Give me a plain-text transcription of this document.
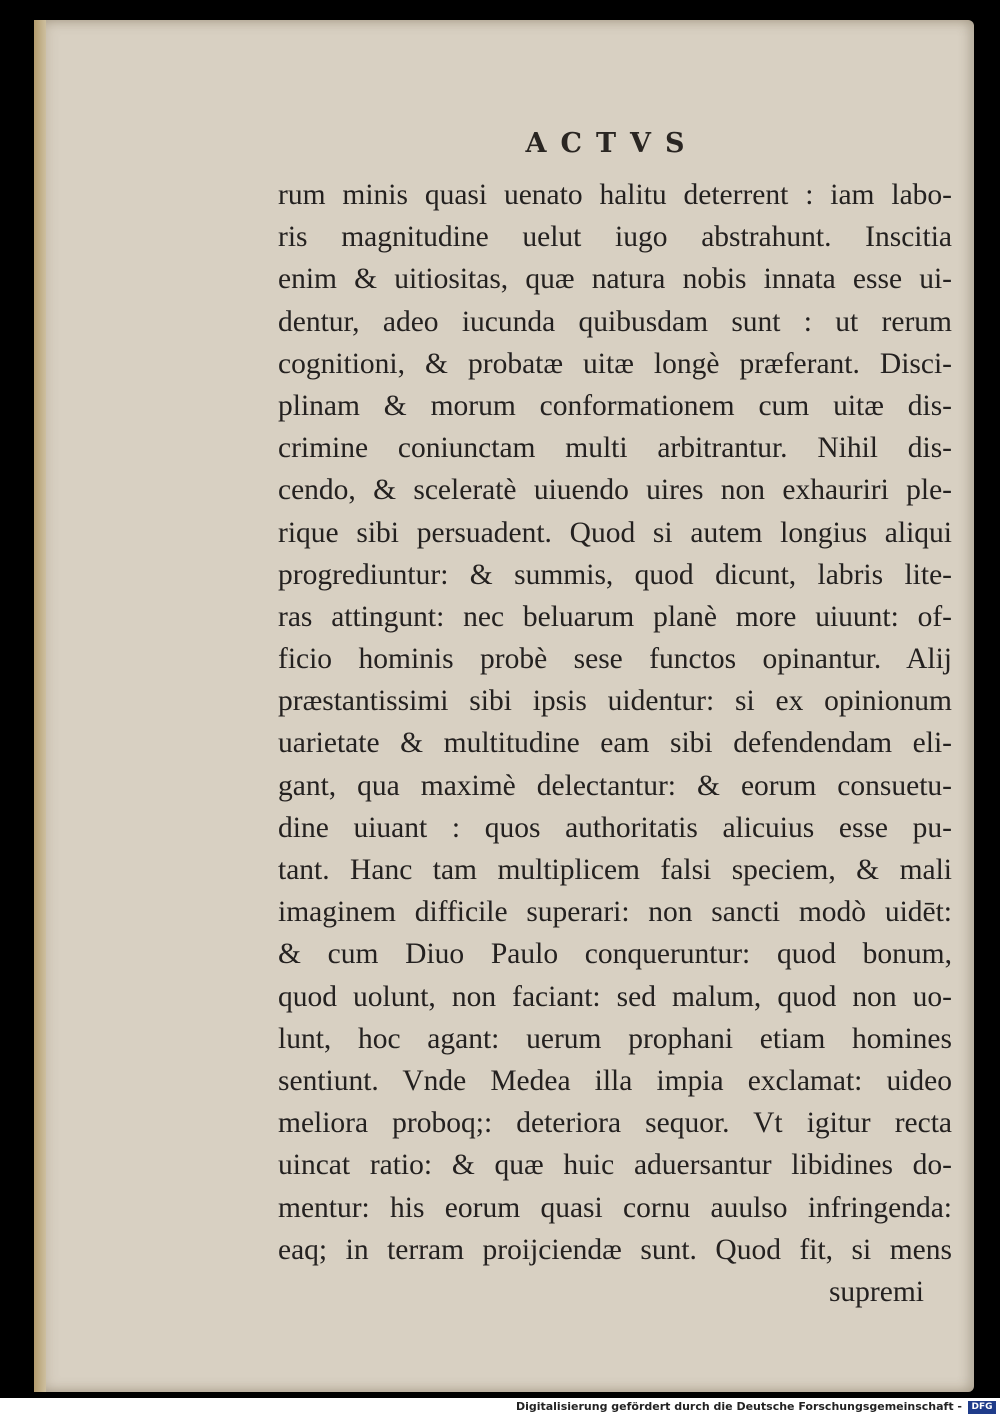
ACTVS
rum minis quasi uenato halitu deterrent : iam labo-
ris magnitudine uelut iugo abstrahunt. Inscitia
enim & uitiositas, quæ natura nobis innata esse ui-
dentur, adeo iucunda quibusdam sunt : ut rerum
cognitioni, & probatæ uitæ longè præferant. Disci-
plinam & morum conformationem cum uitæ dis-
crimine coniunctam multi arbitrantur. Nihil dis-
cendo, & sceleratè uiuendo uires non exhauriri ple-
rique sibi persuadent. Quod si autem longius aliqui
progrediuntur: & summis, quod dicunt, labris lite-
ras attingunt: nec beluarum planè more uiuunt: of-
ficio hominis probè sese functos opinantur. Alij
præstantissimi sibi ipsis uidentur: si ex opinionum
uarietate & multitudine eam sibi defendendam eli-
gant, qua maximè delectantur: & eorum consuetu-
dine uiuant : quos authoritatis alicuius esse pu-
tant. Hanc tam multiplicem falsi speciem, & mali
imaginem difficile superari: non sancti modò uidēt:
& cum Diuo Paulo conqueruntur: quod bonum,
quod uolunt, non faciant: sed malum, quod non uo-
lunt, hoc agant: uerum prophani etiam homines
sentiunt. Vnde Medea illa impia exclamat: uideo
meliora proboq;: deteriora sequor. Vt igitur recta
uincat ratio: & quæ huic aduersantur libidines do-
mentur: his eorum quasi cornu auulso infringenda:
eaq; in terram proijciendæ sunt. Quod fit, si mens
supremi
Digitalisierung gefördert durch die Deutsche Forschungsgemeinschaft -	DFG
